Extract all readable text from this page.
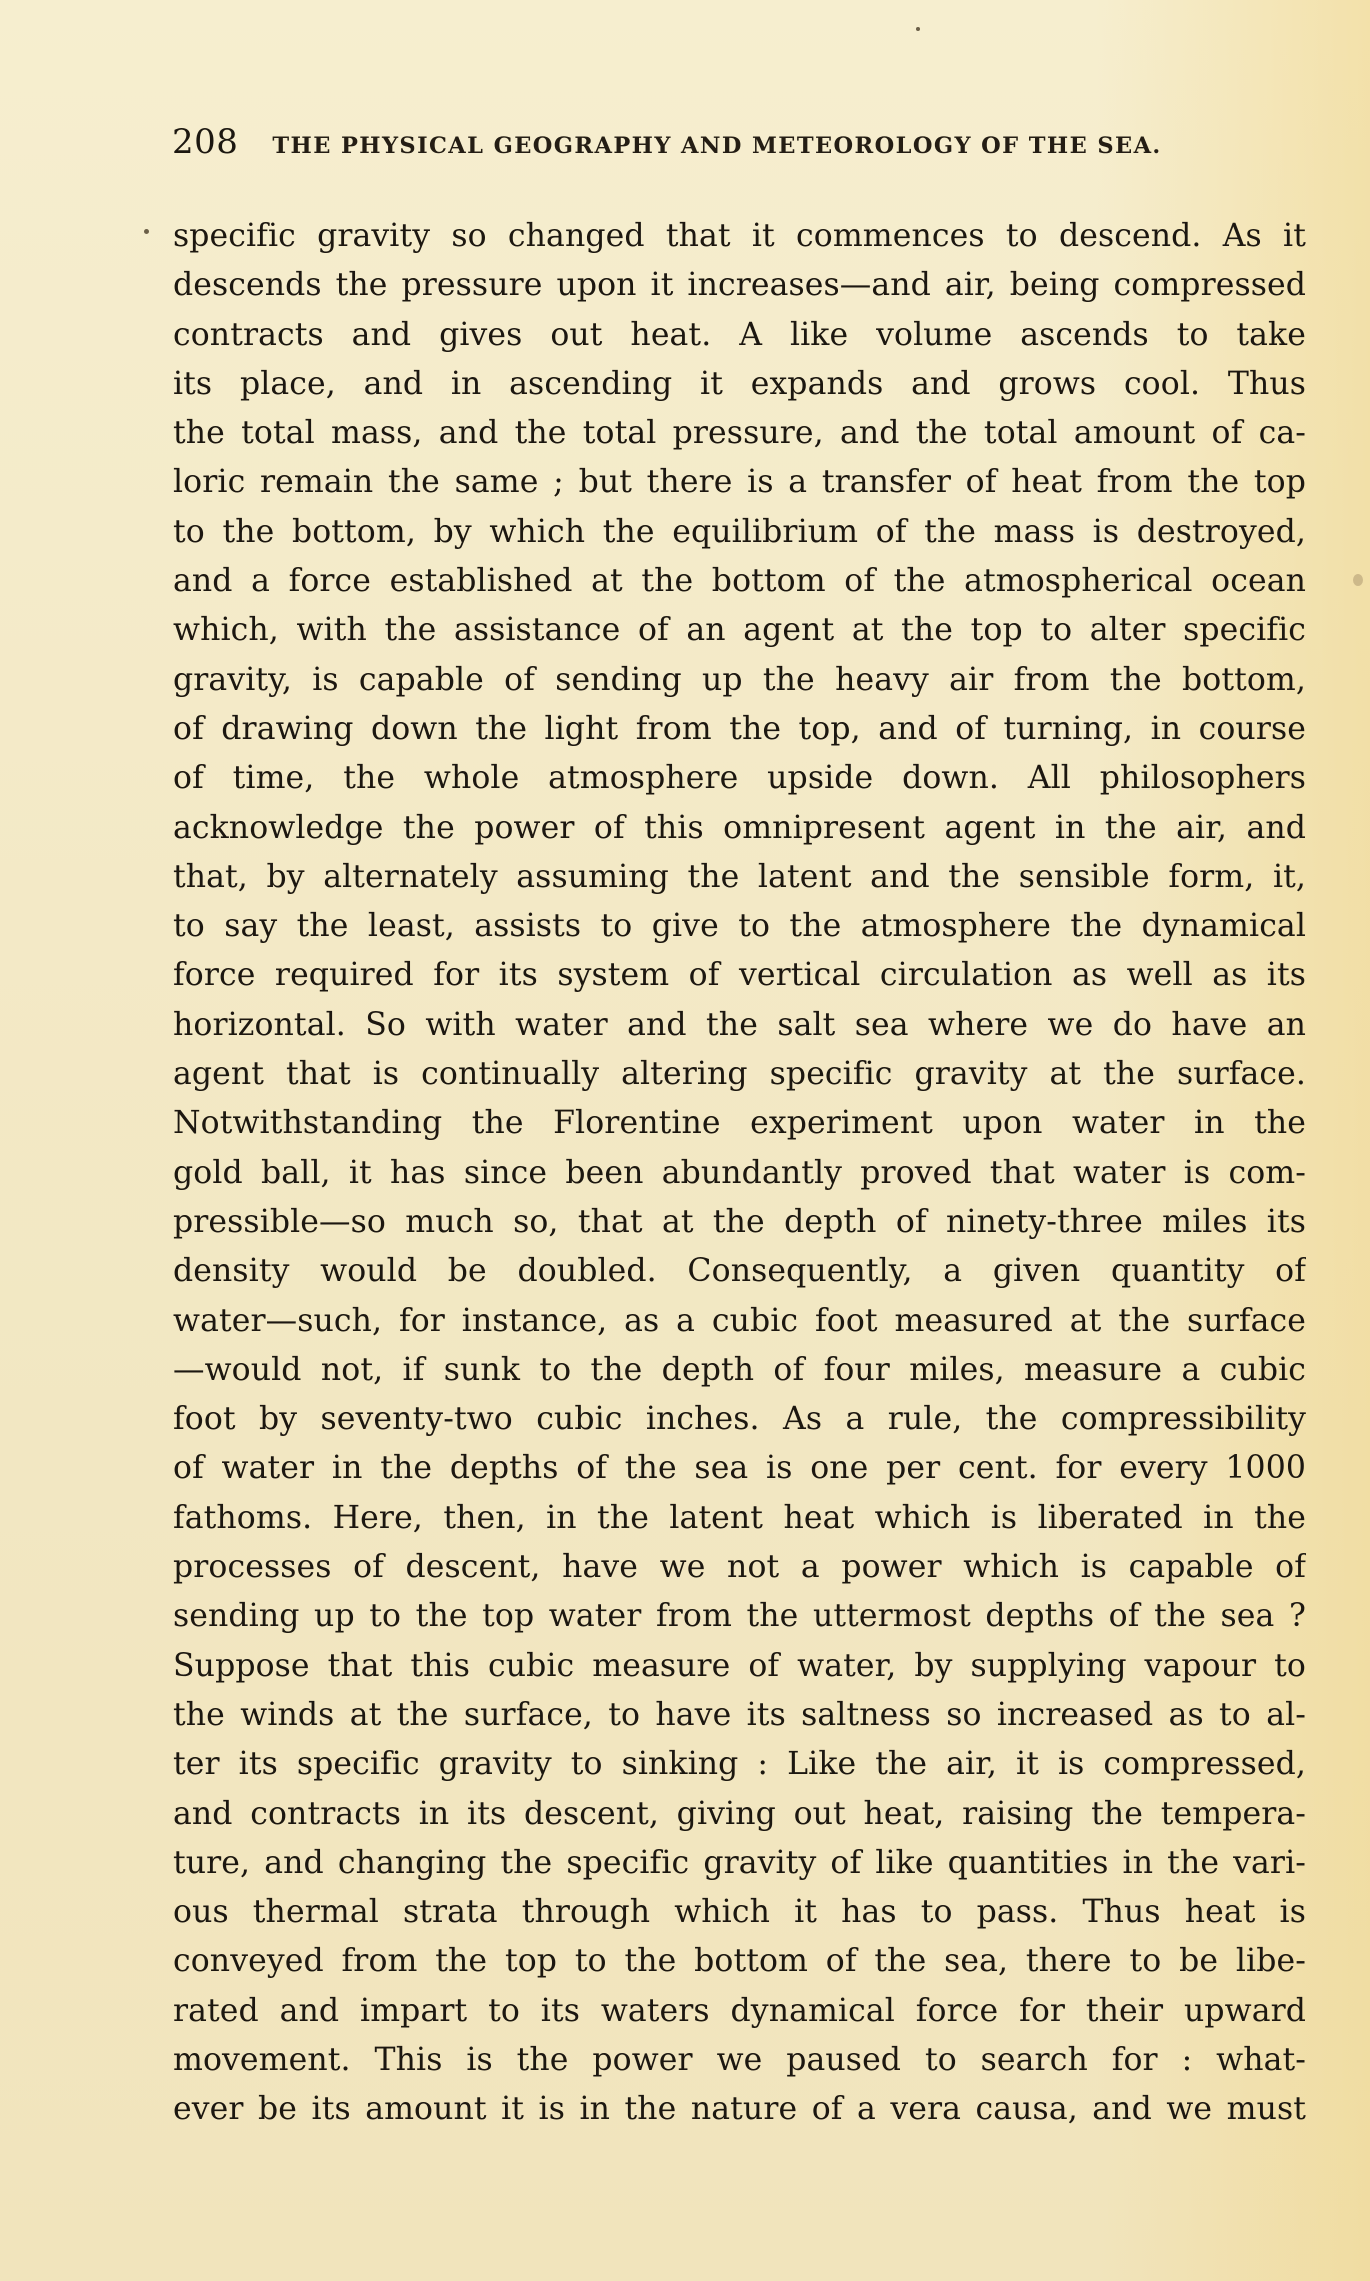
208 THE PHYSICAL GEOGRAPHY AND METEOROLOGY OF THE SEA.
specific gravity so changed that it commences to descend. As it
descends the pressure upon it increases—and air, being compressed
contracts and gives out heat. A like volume ascends to take
its place, and in ascending it expands and grows cool. Thus
the total mass, and the total pressure, and the total amount of ca-
loric remain the same ; but there is a transfer of heat from the top
to the bottom, by which the equilibrium of the mass is destroyed,
and a force established at the bottom of the atmospherical ocean
which, with the assistance of an agent at the top to alter specific
gravity, is capable of sending up the heavy air from the bottom,
of drawing down the light from the top, and of turning, in course
of time, the whole atmosphere upside down. All philosophers
acknowledge the power of this omnipresent agent in the air, and
that, by alternately assuming the latent and the sensible form, it,
to say the least, assists to give to the atmosphere the dynamical
force required for its system of vertical circulation as well as its
horizontal. So with water and the salt sea where we do have an
agent that is continually altering specific gravity at the surface.
Notwithstanding the Florentine experiment upon water in the
gold ball, it has since been abundantly proved that water is com-
pressible—so much so, that at the depth of ninety-three miles its
density would be doubled. Consequently, a given quantity of
water—such, for instance, as a cubic foot measured at the surface
—would not, if sunk to the depth of four miles, measure a cubic
foot by seventy-two cubic inches. As a rule, the compressibility
of water in the depths of the sea is one per cent. for every 1000
fathoms. Here, then, in the latent heat which is liberated in the
processes of descent, have we not a power which is capable of
sending up to the top water from the uttermost depths of the sea ?
Suppose that this cubic measure of water, by supplying vapour to
the winds at the surface, to have its saltness so increased as to al-
ter its specific gravity to sinking : Like the air, it is compressed,
and contracts in its descent, giving out heat, raising the tempera-
ture, and changing the specific gravity of like quantities in the vari-
ous thermal strata through which it has to pass. Thus heat is
conveyed from the top to the bottom of the sea, there to be libe-
rated and impart to its waters dynamical force for their upward
movement. This is the power we paused to search for : what-
ever be its amount it is in the nature of a vera causa, and we must
